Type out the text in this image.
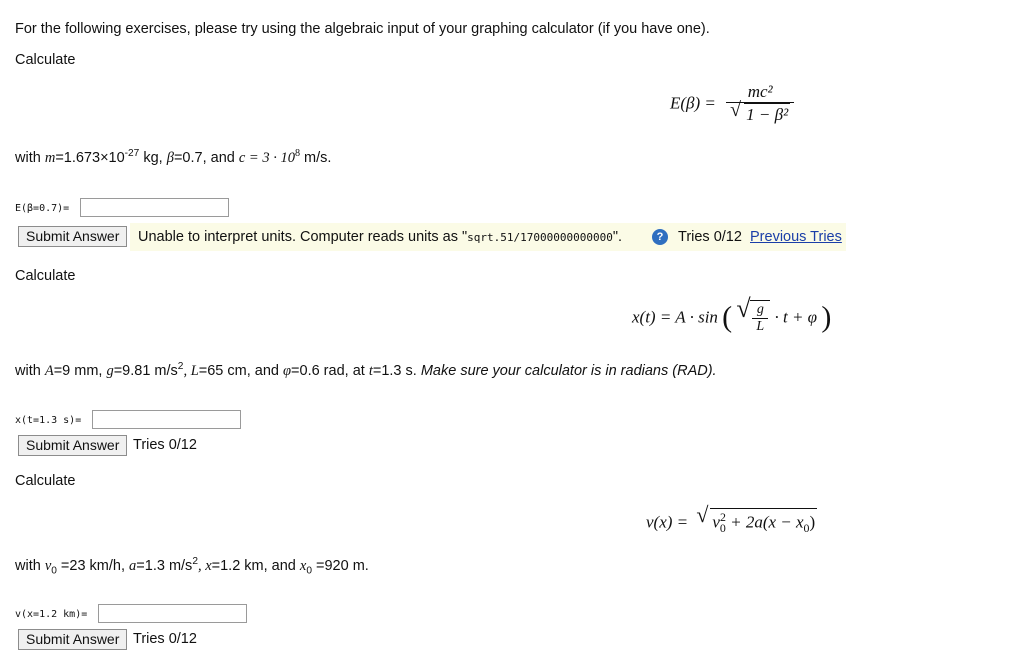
For the following exercises, please try using the algebraic input of your graphing calculator (if you have one).
Calculate
$E(\beta) = \frac{\text{mc²}}{\text{√ 1 − β²}}$
with $m=1.673\times 10^{-27}$ kg, β=0.7, and $c = 3 \cdot 10^8$ m/s.
E(β=0.7)=
Submit Answer	Unable to interpret units. Computer reads units as "sqrt.51/17000000000000".	?	Tries 0/12 Previous Tries
Calculate
x(t) = A · sin ( √ $\frac{g}{L} \cdot t + \varphi$ )
with A=9 mm, g=9.81 $m/s^2$, L=65 cm, and φ=0.6 rad, at t=1.3 s. Make sure your calculator is in radians (RAD).
x(t=1.3 s)=
Submit Answer Tries 0/12
Calculate
v(x) = √ $v^2_0 + 2a(x - x_0)$
with $v_0 =23$ km/h, a=1.3 $m/s^2$, x=1.2 km, and $x_0 =920$ m.
v(x=1.2 km)=
Submit Answer Tries 0/12
